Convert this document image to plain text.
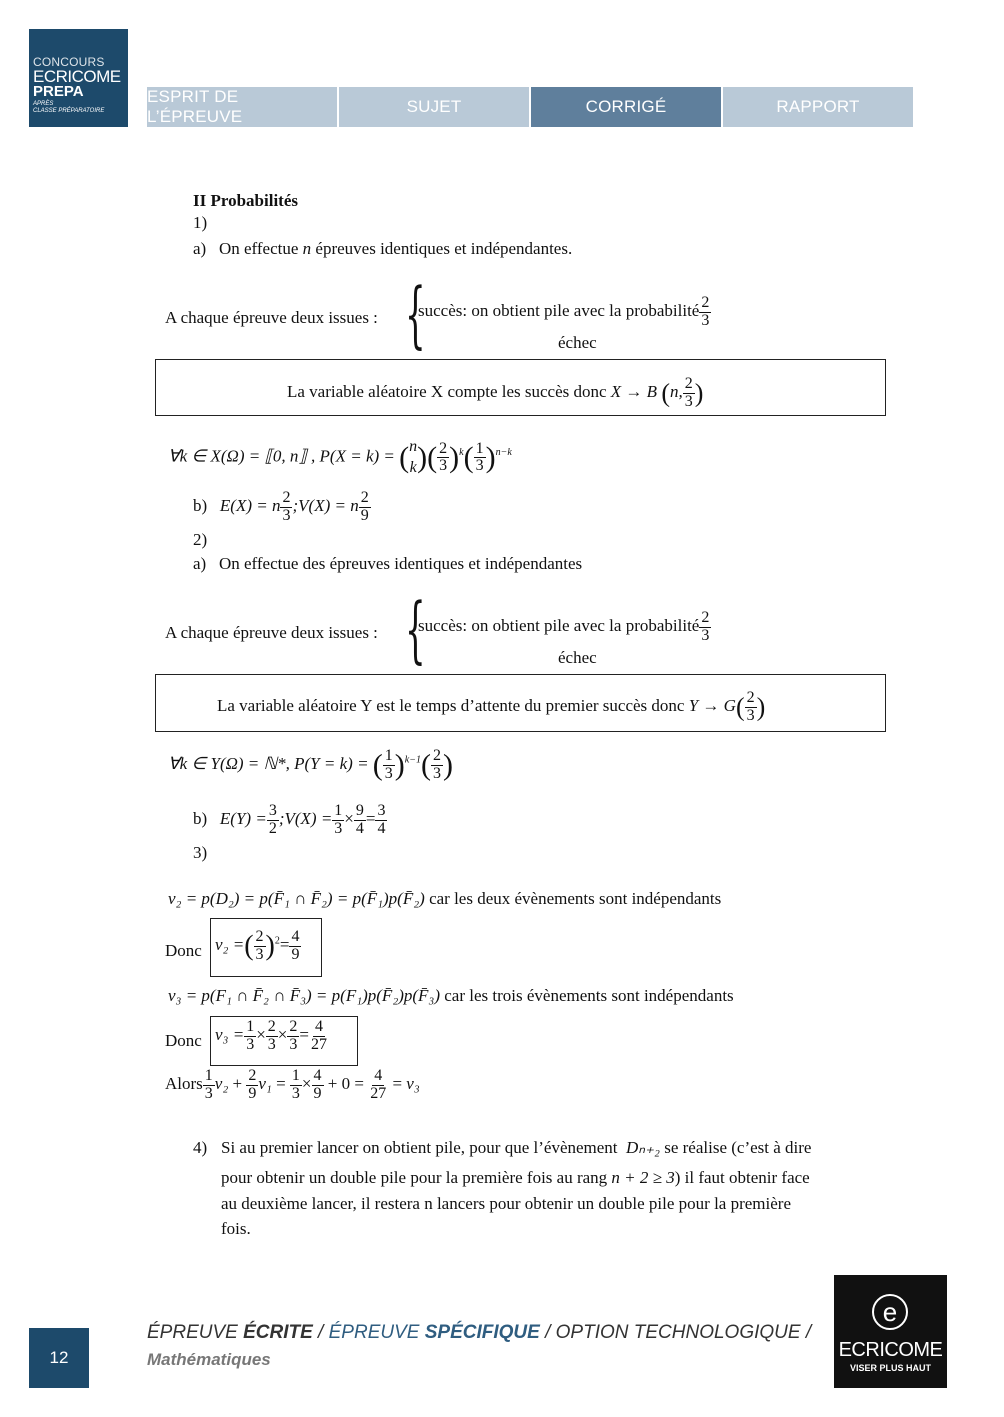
CONCOURS
ECRICOME
PREPA
APRÈS
CLASSE PRÉPARATOIRE
ESPRIT DE L’ÉPREUVE
SUJET	CORRIGÉ	RAPPORT
II Probabilités
1)
a) On effectue n épreuves identiques et indépendantes.
A chaque épreuve deux issues : {
succès: on obtient pile avec la probabilité $\frac{2}{3}$
échec
La variable aléatoire X compte les succès donc X → B (n, $\frac{2}{3}$ )
∀k ∈ X(Ω) = ⟦0, n⟧ , P(X = k) = ( n
k )( $\frac{2}{3} )^k( \frac{1}{3} )^{n-k}$
b) E(X) = n $\frac{2}{3}$ ;V(X) = n $\frac{2}{9}$
2)
a) On effectue des épreuves identiques et indépendantes
A chaque épreuve deux issues : {
succès: on obtient pile avec la probabilité $\frac{2}{3}$
échec
La variable aléatoire Y est le temps d’attente du premier succès donc $Y \to G( \frac{2}{3}$ )
∀k ∈ Y(Ω) = ℕ*, P(Y = k) = ( $\frac{1}{3} )^{k-1}( \frac{2}{3}$ )
b) $E(Y) = \frac{3}{2}$ ;V(X) = $\frac{1}{3} \times \frac{9}{4} = \frac{3}{4}$
3)
v₂ = p(D₂) = p(F̄₁ ∩ F̄₂) = p(F̄₁)p(F̄₂) car les deux évènements sont indépendants
Donc v₂ =( $\frac{2}{3} )^2= \frac{4}{9}$
v₃ = p(F₁ ∩ F̄₂ ∩ F̄₃) = p(F₁)p(F̄₂)p(F̄₃) car les trois évènements sont indépendants
Donc $v_3 = \frac{1}{3} \times \frac{2}{3} \times \frac{2}{3} = \frac{4}{27}$
Alors $\frac{1}{3} v_2 + \frac{2}{9} v_1 = \frac{1}{3} \times \frac{4}{9} + 0 = \frac{4}{27} = v_3$
4) Si au premier lancer on obtient pile, pour que l’évènement Dₙ₊₂ se réalise (c’est à dire
pour obtenir un double pile pour la première fois au rang n + 2 ≥ 3) il faut obtenir face
au deuxième lancer, il restera n lancers pour obtenir un double pile pour la première
fois.
12
ÉPREUVE ÉCRITE / ÉPREUVE SPÉCIFIQUE / OPTION TECHNOLOGIQUE /
Mathématiques
e
ECRICOME
VISER PLUS HAUT
